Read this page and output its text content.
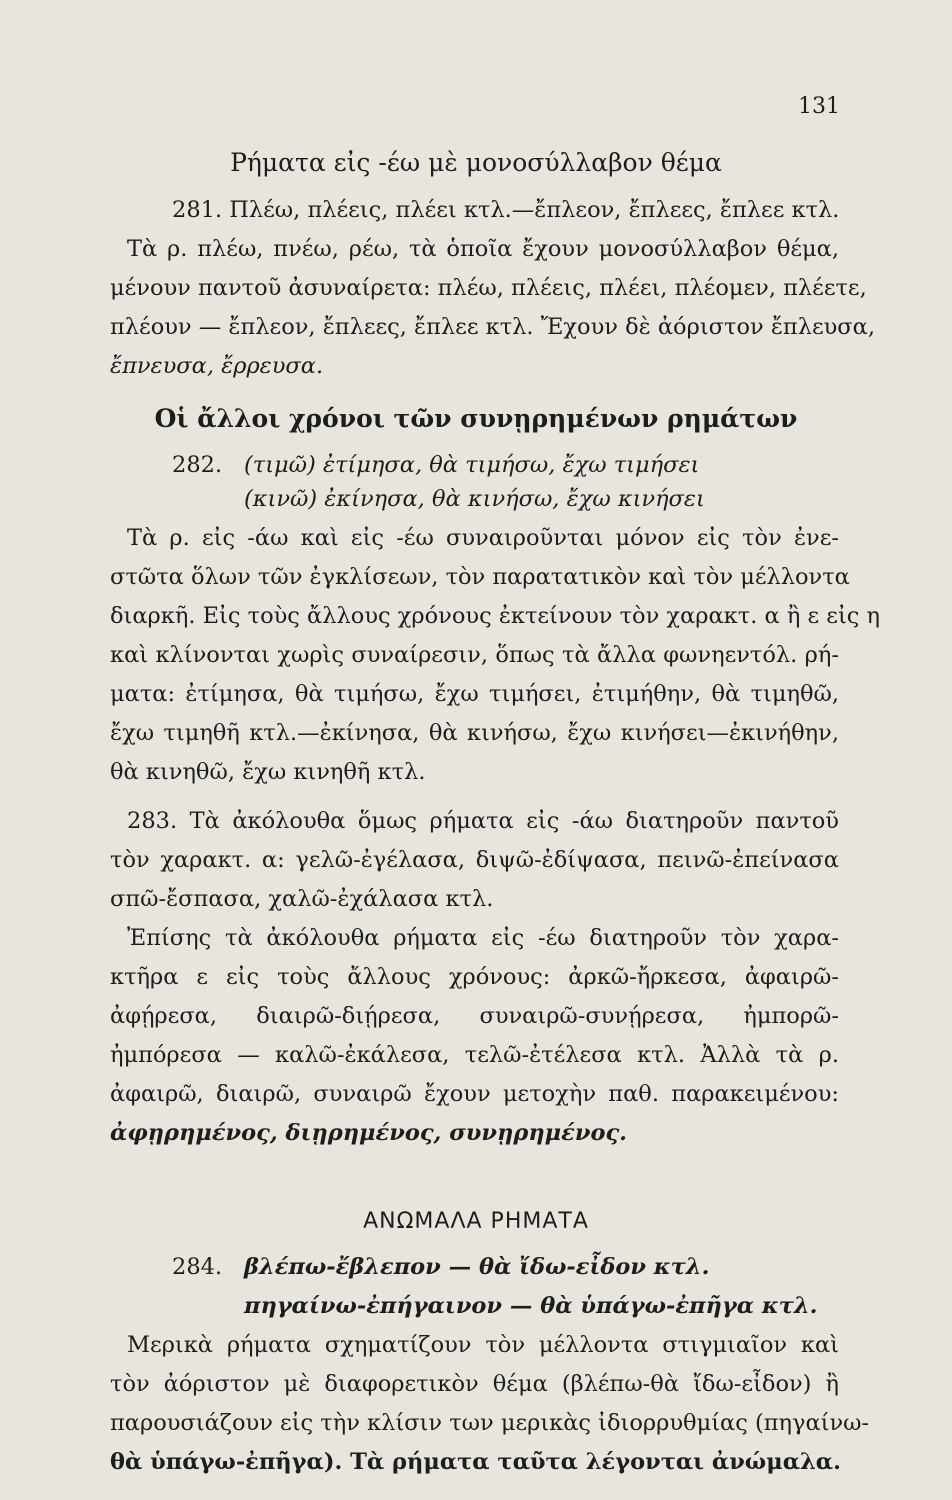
131
Ρήματα εἰς -έω μὲ μονοσύλλαβον θέμα
281. Πλέω, πλέεις, πλέει κτλ.—ἔπλεον, ἔπλεες, ἔπλεε κτλ.
Τὰ ρ. πλέω, πνέω, ρέω, τὰ ὁποῖα ἔχουν μονοσύλλαβον θέμα,
μένουν παντοῦ ἀσυναίρετα: πλέω, πλέεις, πλέει, πλέομεν, πλέετε,
πλέουν — ἔπλεον, ἔπλεες, ἔπλεε κτλ. Ἔχουν δὲ ἀόριστον ἔπλευσα,
ἔπνευσα, ἔρρευσα.
Οἱ ἄλλοι χρόνοι τῶν συνῃρημένων ρημάτων
282. (τιμῶ) ἐτίμησα, θὰ τιμήσω, ἔχω τιμήσει
(κινῶ) ἐκίνησα, θὰ κινήσω, ἔχω κινήσει
Τὰ ρ. εἰς -άω καὶ εἰς -έω συναιροῦνται μόνον εἰς τὸν ἐνε-
στῶτα ὅλων τῶν ἐγκλίσεων, τὸν παρατατικὸν καὶ τὸν μέλλοντα
διαρκῆ. Εἰς τοὺς ἄλλους χρόνους ἐκτείνουν τὸν χαρακτ. α ἢ ε εἰς η
καὶ κλίνονται χωρὶς συναίρεσιν, ὅπως τὰ ἄλλα φωνηεντόλ. ρή-
ματα: ἐτίμησα, θὰ τιμήσω, ἔχω τιμήσει, ἐτιμήθην, θὰ τιμηθῶ,
ἔχω τιμηθῆ κτλ.—ἐκίνησα, θὰ κινήσω, ἔχω κινήσει—ἐκινήθην,
θὰ κινηθῶ, ἔχω κινηθῆ κτλ.
283. Τὰ ἀκόλουθα ὅμως ρήματα εἰς -άω διατηροῦν παντοῦ
τὸν χαρακτ. α: γελῶ-ἐγέλασα, διψῶ-ἐδίψασα, πεινῶ-ἐπείνασα
σπῶ-ἔσπασα, χαλῶ-ἐχάλασα κτλ.
Ἐπίσης τὰ ἀκόλουθα ρήματα εἰς -έω διατηροῦν τὸν χαρα-
κτῆρα ε εἰς τοὺς ἄλλους χρόνους: ἀρκῶ-ἤρκεσα, ἀφαιρῶ-
ἀφῄρεσα, διαιρῶ-διῄρεσα, συναιρῶ-συνῄρεσα, ἠμπορῶ-
ἠμπόρεσα — καλῶ-ἐκάλεσα, τελῶ-ἐτέλεσα κτλ. Ἀλλὰ τὰ ρ.
ἀφαιρῶ, διαιρῶ, συναιρῶ ἔχουν μετοχὴν παθ. παρακειμένου:
ἀφῃρημένος, διῃρημένος, συνῃρημένος.
ΑΝΩΜΑΛΑ ΡΗΜΑΤΑ
284. βλέπω-ἔβλεπον — θὰ ἴδω-εἶδον κτλ.
πηγαίνω-ἐπήγαινον — θὰ ὑπάγω-ἐπῆγα κτλ.
Μερικὰ ρήματα σχηματίζουν τὸν μέλλοντα στιγμιαῖον καὶ
τὸν ἀόριστον μὲ διαφορετικὸν θέμα (βλέπω-θὰ ἴδω-εἶδον) ἢ
παρουσιάζουν εἰς τὴν κλίσιν των μερικὰς ἰδιορρυθμίας (πηγαίνω-
θὰ ὑπάγω-ἐπῆγα). Τὰ ρήματα ταῦτα λέγονται ἀνώμαλα.
